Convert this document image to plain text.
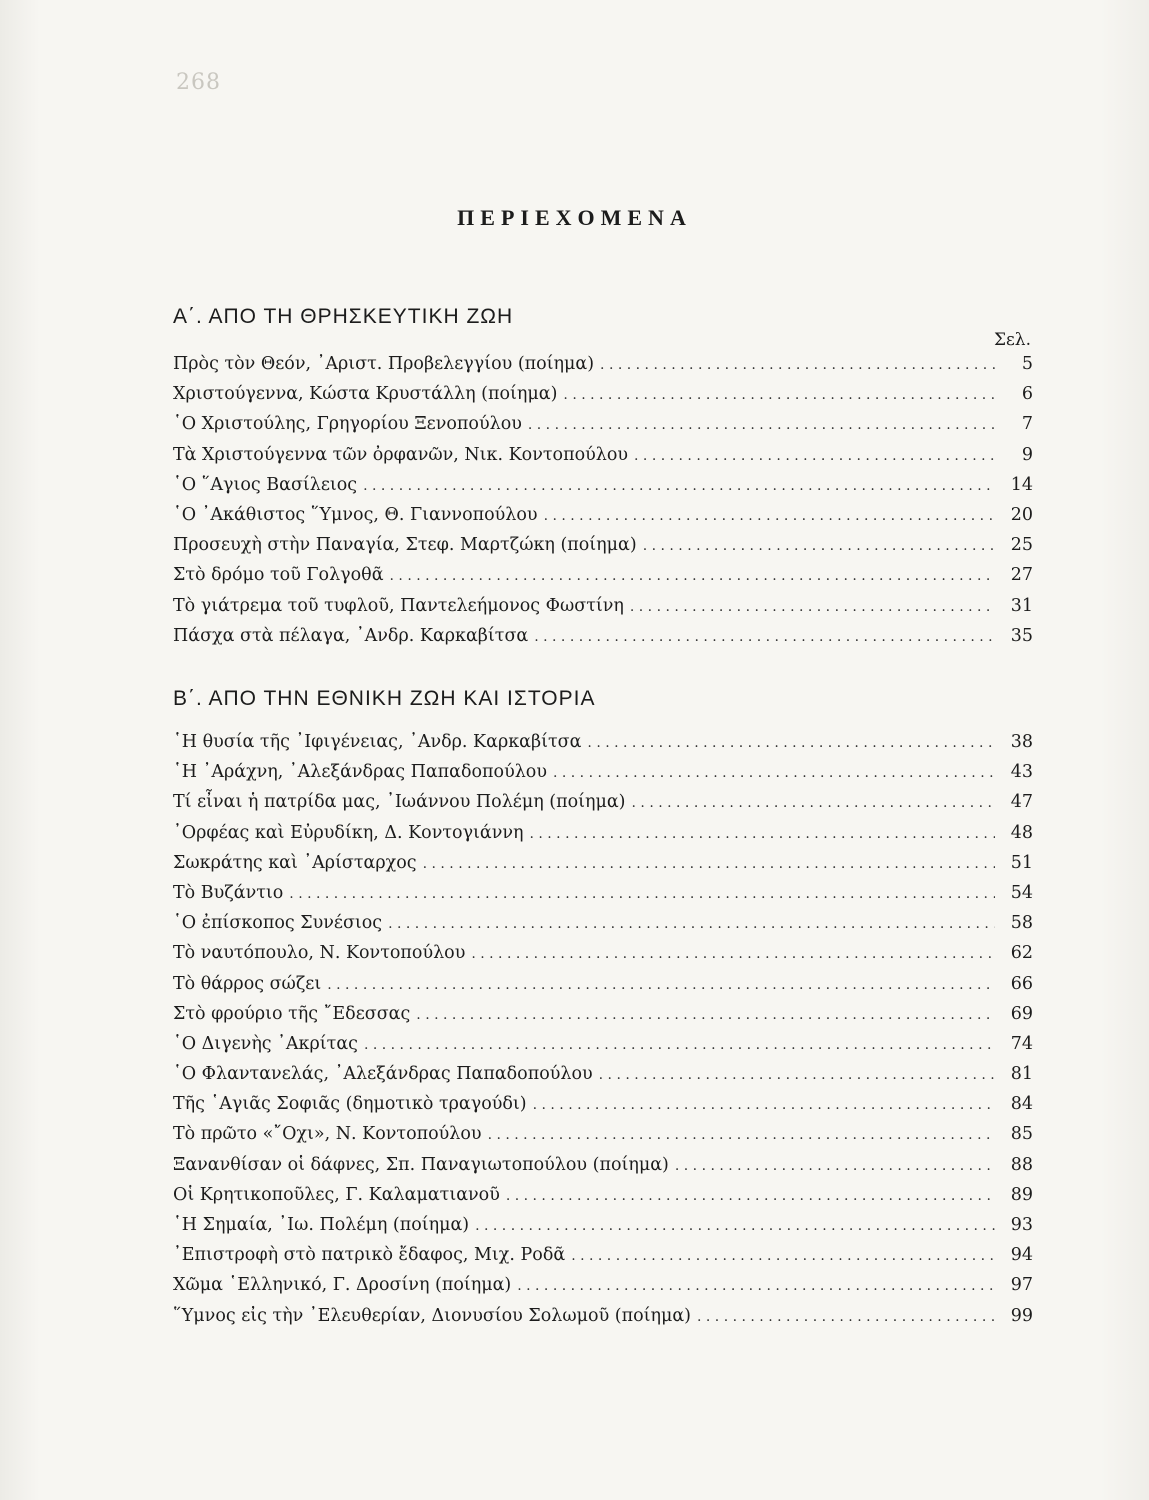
268
ΠΕΡΙΕΧΟΜΕΝΑ
Α΄. ΑΠΟ ΤΗ ΘΡΗΣΚΕΥΤΙΚΗ ΖΩΗ
Σελ.
Πρὸς τὸν Θεόν, ᾿Αριστ. Προβελεγγίου (ποίημα) . . .	5
Χριστούγεννα, Κώστα Κρυστάλλη (ποίημα) . . .	6
῾Ο Χριστούλης, Γρηγορίου Ξενοπούλου . . .	7
Τὰ Χριστούγεννα τῶν ὀρφανῶν, Νικ. Κοντοπούλου . . .	9
῾Ο ῞Αγιος Βασίλειος . . .	14
῾Ο ᾿Ακάθιστος ῞Υμνος, Θ. Γιαννοπούλου . . .	20
Προσευχὴ στὴν Παναγία, Στεφ. Μαρτζώκη (ποίημα) . . .	25
Στὸ δρόμο τοῦ Γολγοθᾶ . . .	27
Τὸ γιάτρεμα τοῦ τυφλοῦ, Παντελεήμονος Φωστίνη . . .	31
Πάσχα στὰ πέλαγα, ᾿Ανδρ. Καρκαβίτσα . . .	35
Β΄. ΑΠΟ ΤΗΝ ΕΘΝΙΚΗ ΖΩΗ ΚΑΙ ΙΣΤΟΡΙΑ
῾Η θυσία τῆς ᾿Ιφιγένειας, ᾿Ανδρ. Καρκαβίτσα . . .	38
῾Η ᾿Αράχνη, ᾿Αλεξάνδρας Παπαδοπούλου . . .	43
Τί εἶναι ἡ πατρίδα μας, ᾿Ιωάννου Πολέμη (ποίημα) . . .	47
᾿Ορφέας καὶ Εὐρυδίκη, Δ. Κοντογιάννη . . .	48
Σωκράτης καὶ ᾿Αρίσταρχος . . .	51
Τὸ Βυζάντιο . . .	54
῾Ο ἐπίσκοπος Συνέσιος . . .	58
Τὸ ναυτόπουλο, Ν. Κοντοπούλου . . .	62
Τὸ θάρρος σώζει . . .	66
Στὸ φρούριο τῆς ῎Εδεσσας . . .	69
῾Ο Διγενὴς ᾿Ακρίτας . . .	74
῾Ο Φλαντανελάς, ᾿Αλεξάνδρας Παπαδοπούλου . . .	81
Τῆς ῾Αγιᾶς Σοφιᾶς (δημοτικὸ τραγούδι) . . .	84
Τὸ πρῶτο «῎Οχι», Ν. Κοντοπούλου . . .	85
Ξανανθίσαν οἱ δάφνες, Σπ. Παναγιωτοπούλου (ποίημα) . . .	88
Οἱ Κρητικοποῦλες, Γ. Καλαματιανοῦ . . .	89
῾Η Σημαία, ᾿Ιω. Πολέμη (ποίημα) . . .	93
᾿Επιστροφὴ στὸ πατρικὸ ἔδαφος, Μιχ. Ροδᾶ . . .	94
Χῶμα ῾Ελληνικό, Γ. Δροσίνη (ποίημα) . . .	97
῞Υμνος εἰς τὴν ᾿Ελευθερίαν, Διονυσίου Σολωμοῦ (ποίημα) . . .	99
